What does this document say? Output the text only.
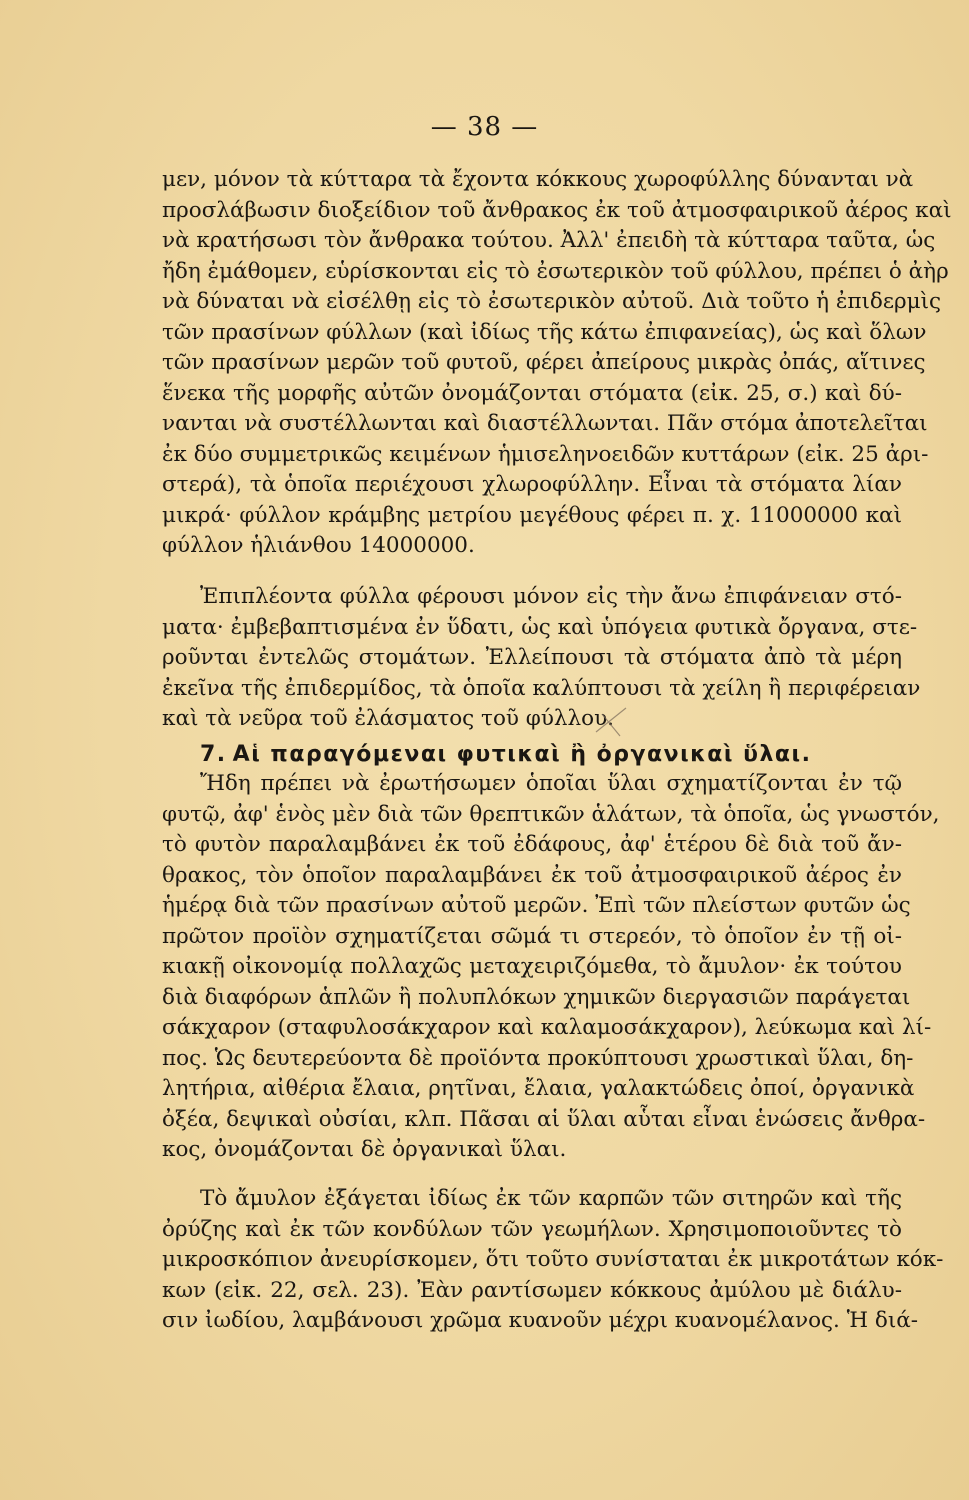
— 38 —
μεν, μόνον τὰ κύτταρα τὰ ἔχοντα κόκκους χωροφύλλης δύνανται νὰ
προσλάβωσιν διοξείδιον τοῦ ἄνθρακος ἐκ τοῦ ἀτμοσφαιρικοῦ ἀέρος καὶ
νὰ κρατήσωσι τὸν ἄνθρακα τούτου. Ἀλλ' ἐπειδὴ τὰ κύτταρα ταῦτα, ὡς
ἤδη ἐμάθομεν, εὑρίσκονται εἰς τὸ ἐσωτερικὸν τοῦ φύλλου, πρέπει ὁ ἀὴρ
νὰ δύναται νὰ εἰσέλθῃ εἰς τὸ ἐσωτερικὸν αὐτοῦ. Διὰ τοῦτο ἡ ἐπιδερμὶς
τῶν πρασίνων φύλλων (καὶ ἰδίως τῆς κάτω ἐπιφανείας), ὡς καὶ ὅλων
τῶν πρασίνων μερῶν τοῦ φυτοῦ, φέρει ἀπείρους μικρὰς ὀπάς, αἵτινες
ἕνεκα τῆς μορφῆς αὐτῶν ὀνομάζονται στόματα (εἰκ. 25, σ.) καὶ δύ-
νανται νὰ συστέλλωνται καὶ διαστέλλωνται. Πᾶν στόμα ἀποτελεῖται
ἐκ δύο συμμετρικῶς κειμένων ἡμισεληνοειδῶν κυττάρων (εἰκ. 25 ἀρι-
στερά), τὰ ὁποῖα περιέχουσι χλωροφύλλην. Εἶναι τὰ στόματα λίαν
μικρά· φύλλον κράμβης μετρίου μεγέθους φέρει π. χ. 11000000 καὶ
φύλλον ἡλιάνθου 14000000.
Ἐπιπλέοντα φύλλα φέρουσι μόνον εἰς τὴν ἄνω ἐπιφάνειαν στό-
ματα· ἐμβεβαπτισμένα ἐν ὕδατι, ὡς καὶ ὑπόγεια φυτικὰ ὄργανα, στε-
ροῦνται ἐντελῶς στομάτων. Ἐλλείπουσι τὰ στόματα ἀπὸ τὰ μέρη
ἐκεῖνα τῆς ἐπιδερμίδος, τὰ ὁποῖα καλύπτουσι τὰ χείλη ἢ περιφέρειαν
καὶ τὰ νεῦρα τοῦ ἐλάσματος τοῦ φύλλου.
7. Αἱ παραγόμεναι φυτικαὶ ἢ ὀργανικαὶ ὕλαι.
Ἤδη πρέπει νὰ ἐρωτήσωμεν ὁποῖαι ὕλαι σχηματίζονται ἐν τῷ
φυτῷ, ἀφ' ἑνὸς μὲν διὰ τῶν θρεπτικῶν ἁλάτων, τὰ ὁποῖα, ὡς γνωστόν,
τὸ φυτὸν παραλαμβάνει ἐκ τοῦ ἐδάφους, ἀφ' ἑτέρου δὲ διὰ τοῦ ἄν-
θρακος, τὸν ὁποῖον παραλαμβάνει ἐκ τοῦ ἀτμοσφαιρικοῦ ἀέρος ἐν
ἡμέρᾳ διὰ τῶν πρασίνων αὐτοῦ μερῶν. Ἐπὶ τῶν πλείστων φυτῶν ὡς
πρῶτον προϊὸν σχηματίζεται σῶμά τι στερεόν, τὸ ὁποῖον ἐν τῇ οἰ-
κιακῇ οἰκονομίᾳ πολλαχῶς μεταχειριζόμεθα, τὸ ἄμυλον· ἐκ τούτου
διὰ διαφόρων ἁπλῶν ἢ πολυπλόκων χημικῶν διεργασιῶν παράγεται
σάκχαρον (σταφυλοσάκχαρον καὶ καλαμοσάκχαρον), λεύκωμα καὶ λί-
πος. Ὡς δευτερεύοντα δὲ προϊόντα προκύπτουσι χρωστικαὶ ὕλαι, δη-
λητήρια, αἰθέρια ἔλαια, ρητῖναι, ἔλαια, γαλακτώδεις ὀποί, ὀργανικὰ
ὀξέα, δεψικαὶ οὐσίαι, κλπ. Πᾶσαι αἱ ὕλαι αὗται εἶναι ἑνώσεις ἄνθρα-
κος, ὀνομάζονται δὲ ὀργανικαὶ ὕλαι.
Τὸ ἄμυλον ἐξάγεται ἰδίως ἐκ τῶν καρπῶν τῶν σιτηρῶν καὶ τῆς
ὀρύζης καὶ ἐκ τῶν κονδύλων τῶν γεωμήλων. Χρησιμοποιοῦντες τὸ
μικροσκόπιον ἀνευρίσκομεν, ὅτι τοῦτο συνίσταται ἐκ μικροτάτων κόκ-
κων (εἰκ. 22, σελ. 23). Ἐὰν ραντίσωμεν κόκκους ἀμύλου μὲ διάλυ-
σιν ἰωδίου, λαμβάνουσι χρῶμα κυανοῦν μέχρι κυανομέλανος. Ἡ διά-
